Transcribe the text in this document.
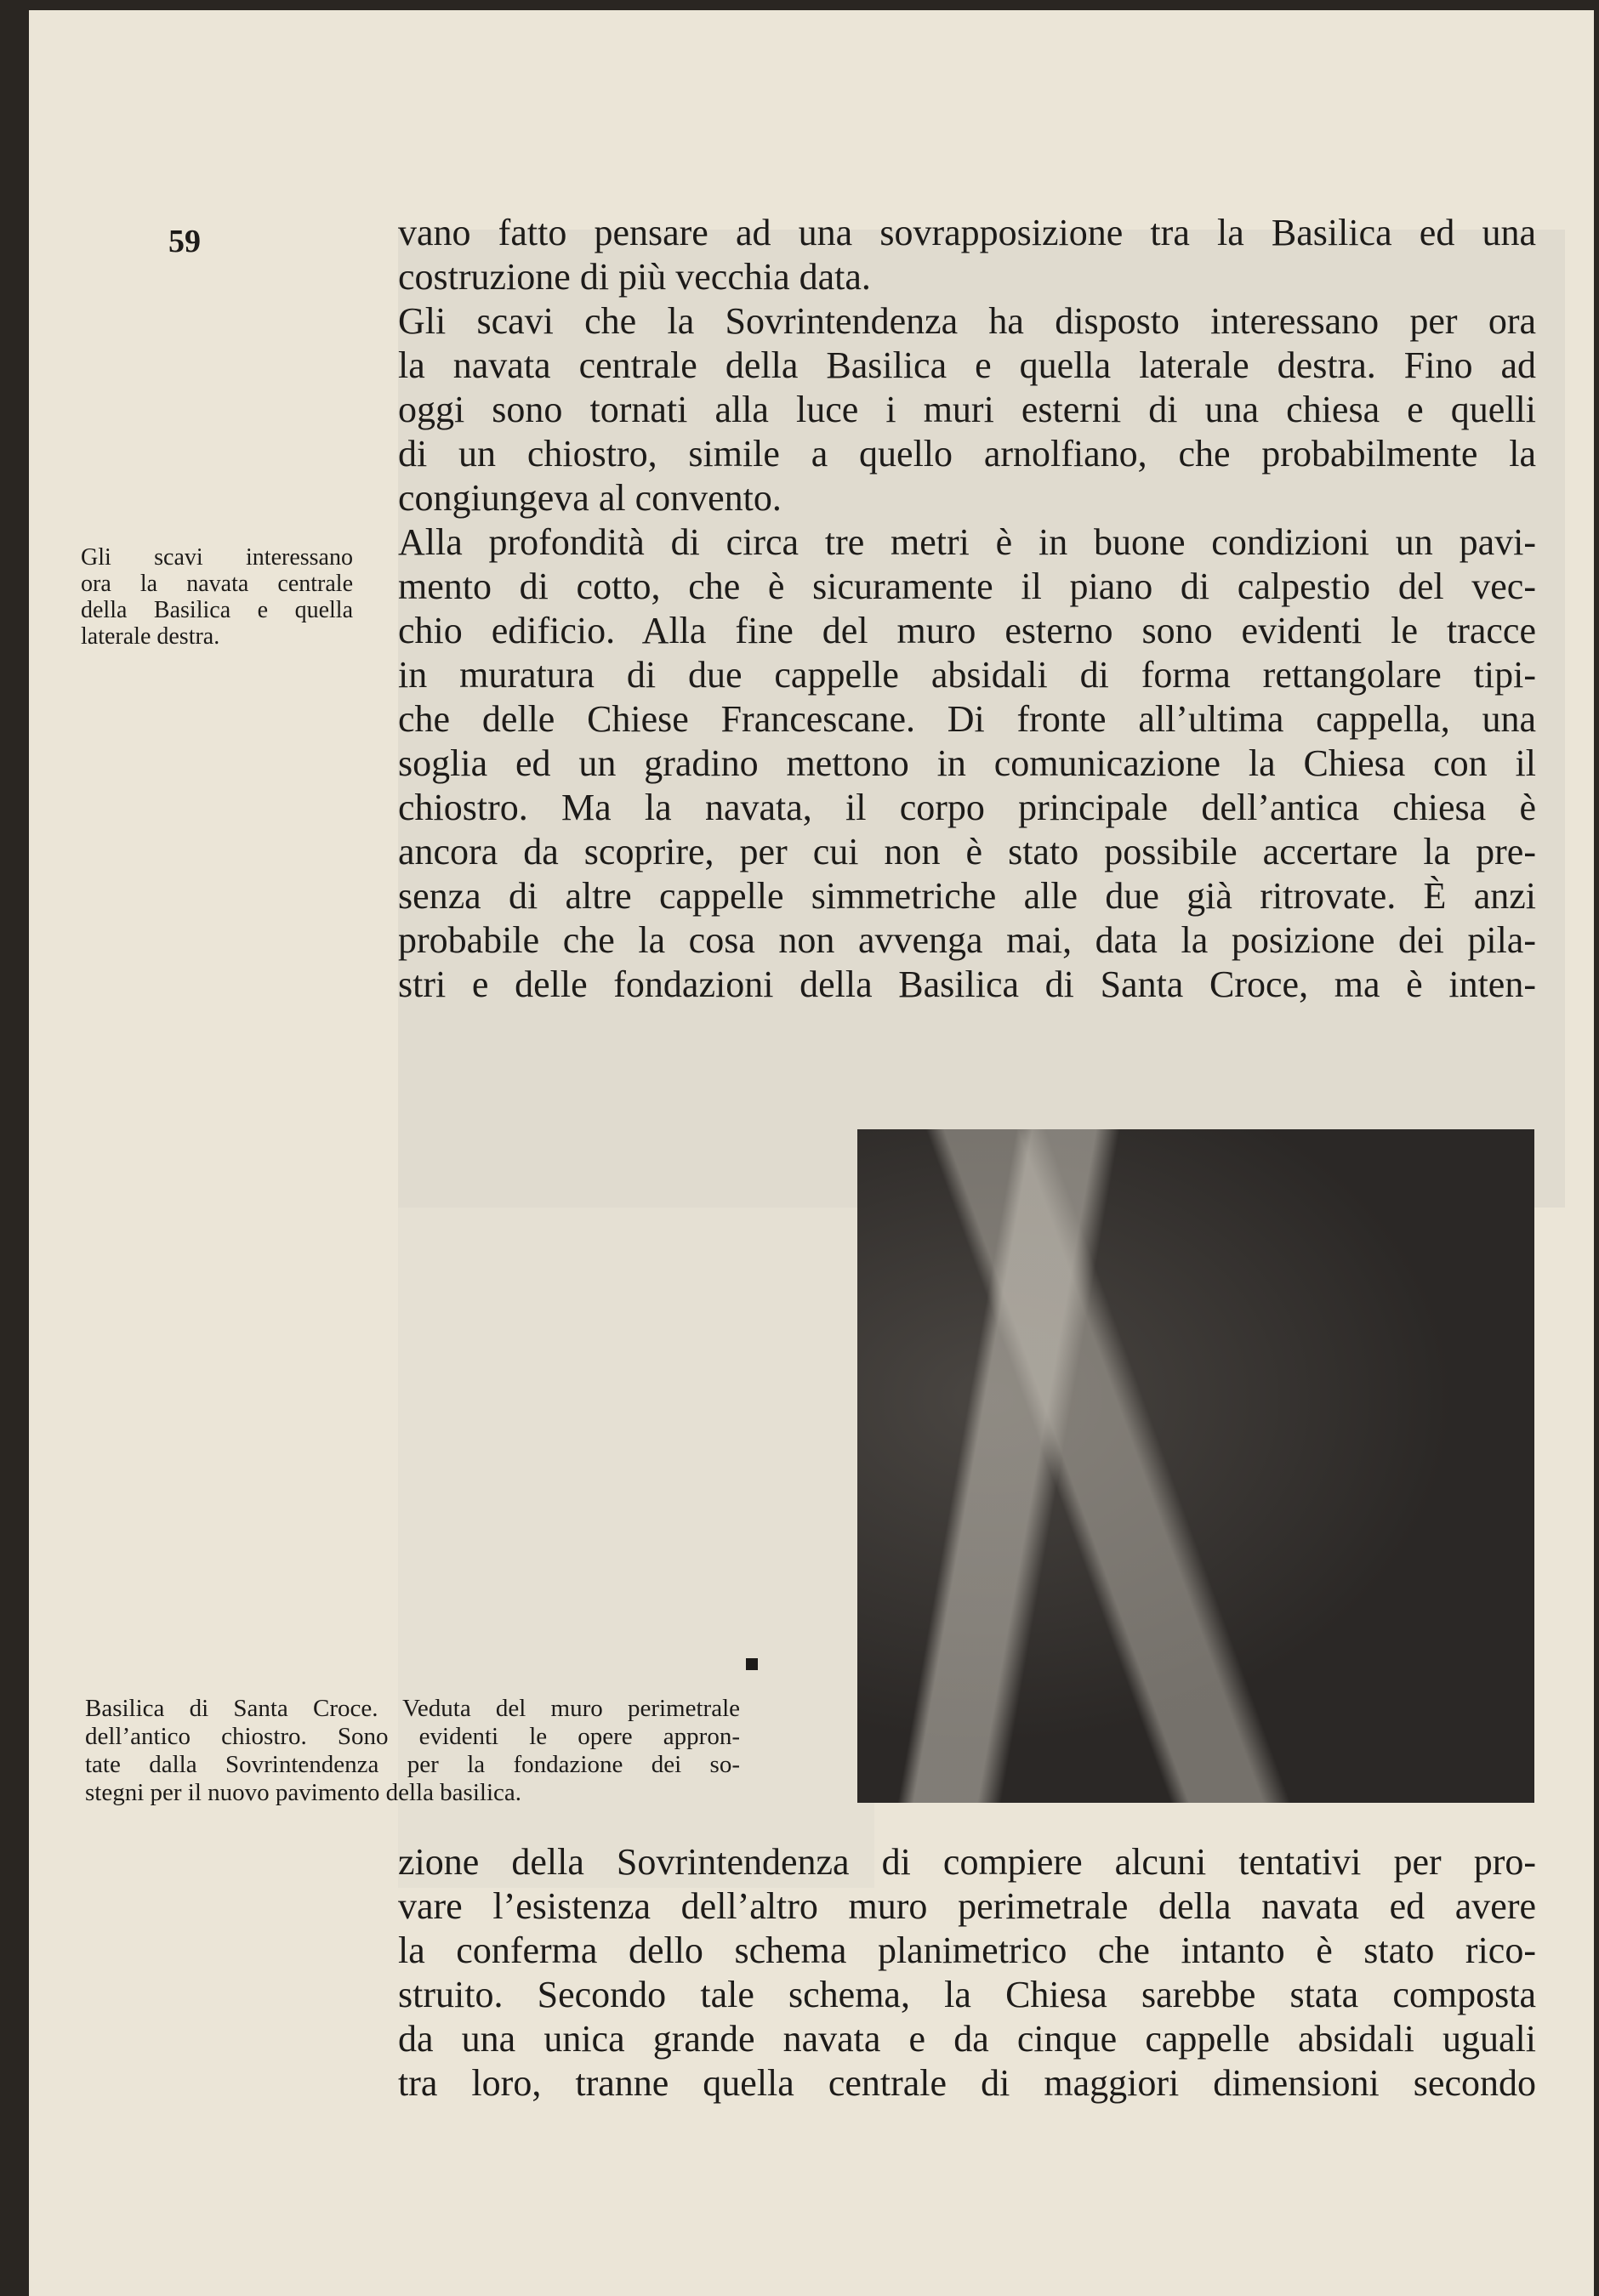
59	vano fatto pensare ad una sovrapposizione tra la Basilica ed una
costruzione di più vecchia data.
Gli scavi che la Sovrintendenza ha disposto interessano per ora
la navata centrale della Basilica e quella laterale destra. Fino ad
oggi sono tornati alla luce i muri esterni di una chiesa e quelli
di un chiostro, simile a quello arnolfiano, che probabilmente la
congiungeva al convento.
Alla profondità di circa tre metri è in buone condizioni un pavi-
mento di cotto, che è sicuramente il piano di calpestio del vec-
chio edificio. Alla fine del muro esterno sono evidenti le tracce
in muratura di due cappelle absidali di forma rettangolare tipi-
che delle Chiese Francescane. Di fronte all’ultima cappella, una
soglia ed un gradino mettono in comunicazione la Chiesa con il
chiostro. Ma la navata, il corpo principale dell’antica chiesa è
ancora da scoprire, per cui non è stato possibile accertare la pre-
senza di altre cappelle simmetriche alle due già ritrovate. È anzi
probabile che la cosa non avvenga mai, data la posizione dei pila-
stri e delle fondazioni della Basilica di Santa Croce, ma è inten-
Gli scavi interessano
ora la navata centrale
della Basilica e quella
laterale destra.
Basilica di Santa Croce. Veduta del muro perimetrale
dell’antico chiostro. Sono evidenti le opere appron-
tate dalla Sovrintendenza per la fondazione dei so-
stegni per il nuovo pavimento della basilica.
zione della Sovrintendenza di compiere alcuni tentativi per pro-
vare l’esistenza dell’altro muro perimetrale della navata ed avere
la conferma dello schema planimetrico che intanto è stato rico-
struito. Secondo tale schema, la Chiesa sarebbe stata composta
da una unica grande navata e da cinque cappelle absidali uguali
tra loro, tranne quella centrale di maggiori dimensioni secondo
